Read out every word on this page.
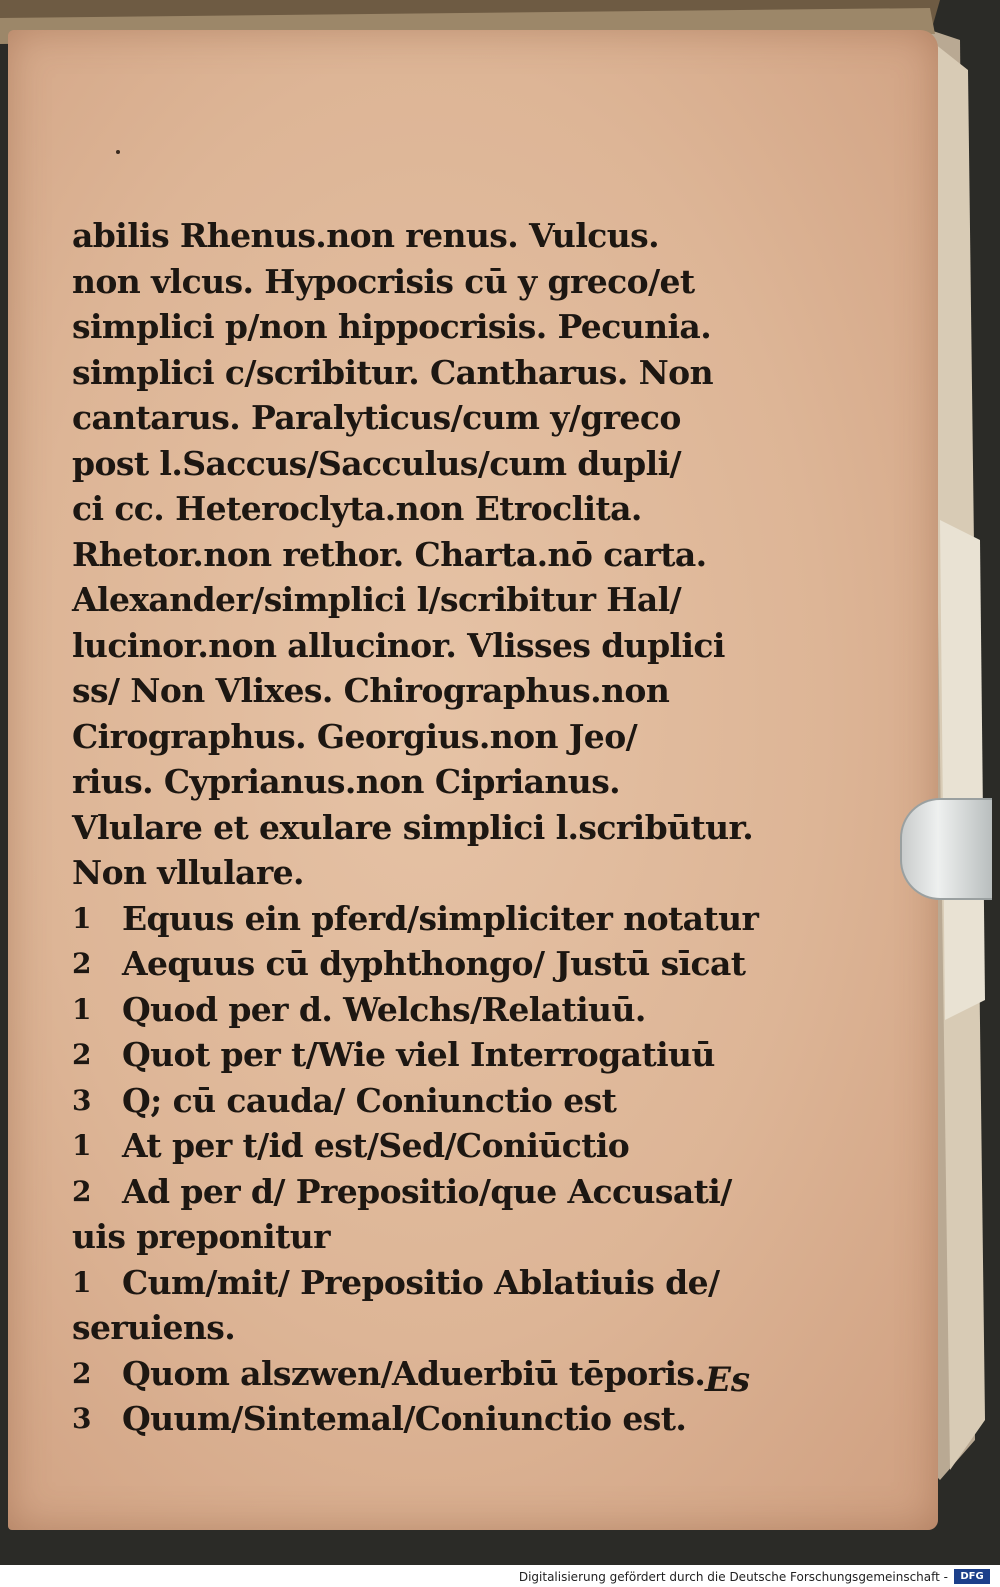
abilis Rhenus.non renus. Vulcus.
non vlcus. Hypocrisis cū y greco/et
simplici p/non hippocrisis. Pecunia.
simplici c/scribitur. Cantharus. Non
cantarus. Paralyticus/cum y/greco
post l.Saccus/Sacculus/cum dupli/
ci cc. Heteroclyta.non Etroclita.
Rhetor.non rethor. Charta.nō carta.
Alexander/simplici l/scribitur Hal/
lucinor.non allucinor. Vlisses duplici
ss/ Non Vlixes. Chirographus.non
Cirographus. Georgius.non Jeo/
rius. Cyprianus.non Ciprianus.
Vlulare et exulare simplici l.scribūtur.
Non vllulare.
1 Equus ein pferd/simpliciter notatur
2 Aequus cū dyphthongo/ Justū sīcat
1 Quod per d. Welchs/Relatiuū.
2 Quot per t/Wie viel Interrogatiuū
3 Q; cū cauda/ Coniunctio est
1 At per t/id est/Sed/Coniūctio
2 Ad per d/ Prepositio/que Accusati/
uis preponitur
1 Cum/mit/ Prepositio Ablatiuis de/
seruiens.
2 Quom alszwen/Aduerbiū tēporis.
3 Quum/Sintemal/Coniunctio est.
Es
Digitalisierung gefördert durch die Deutsche Forschungsgemeinschaft -	DFG
